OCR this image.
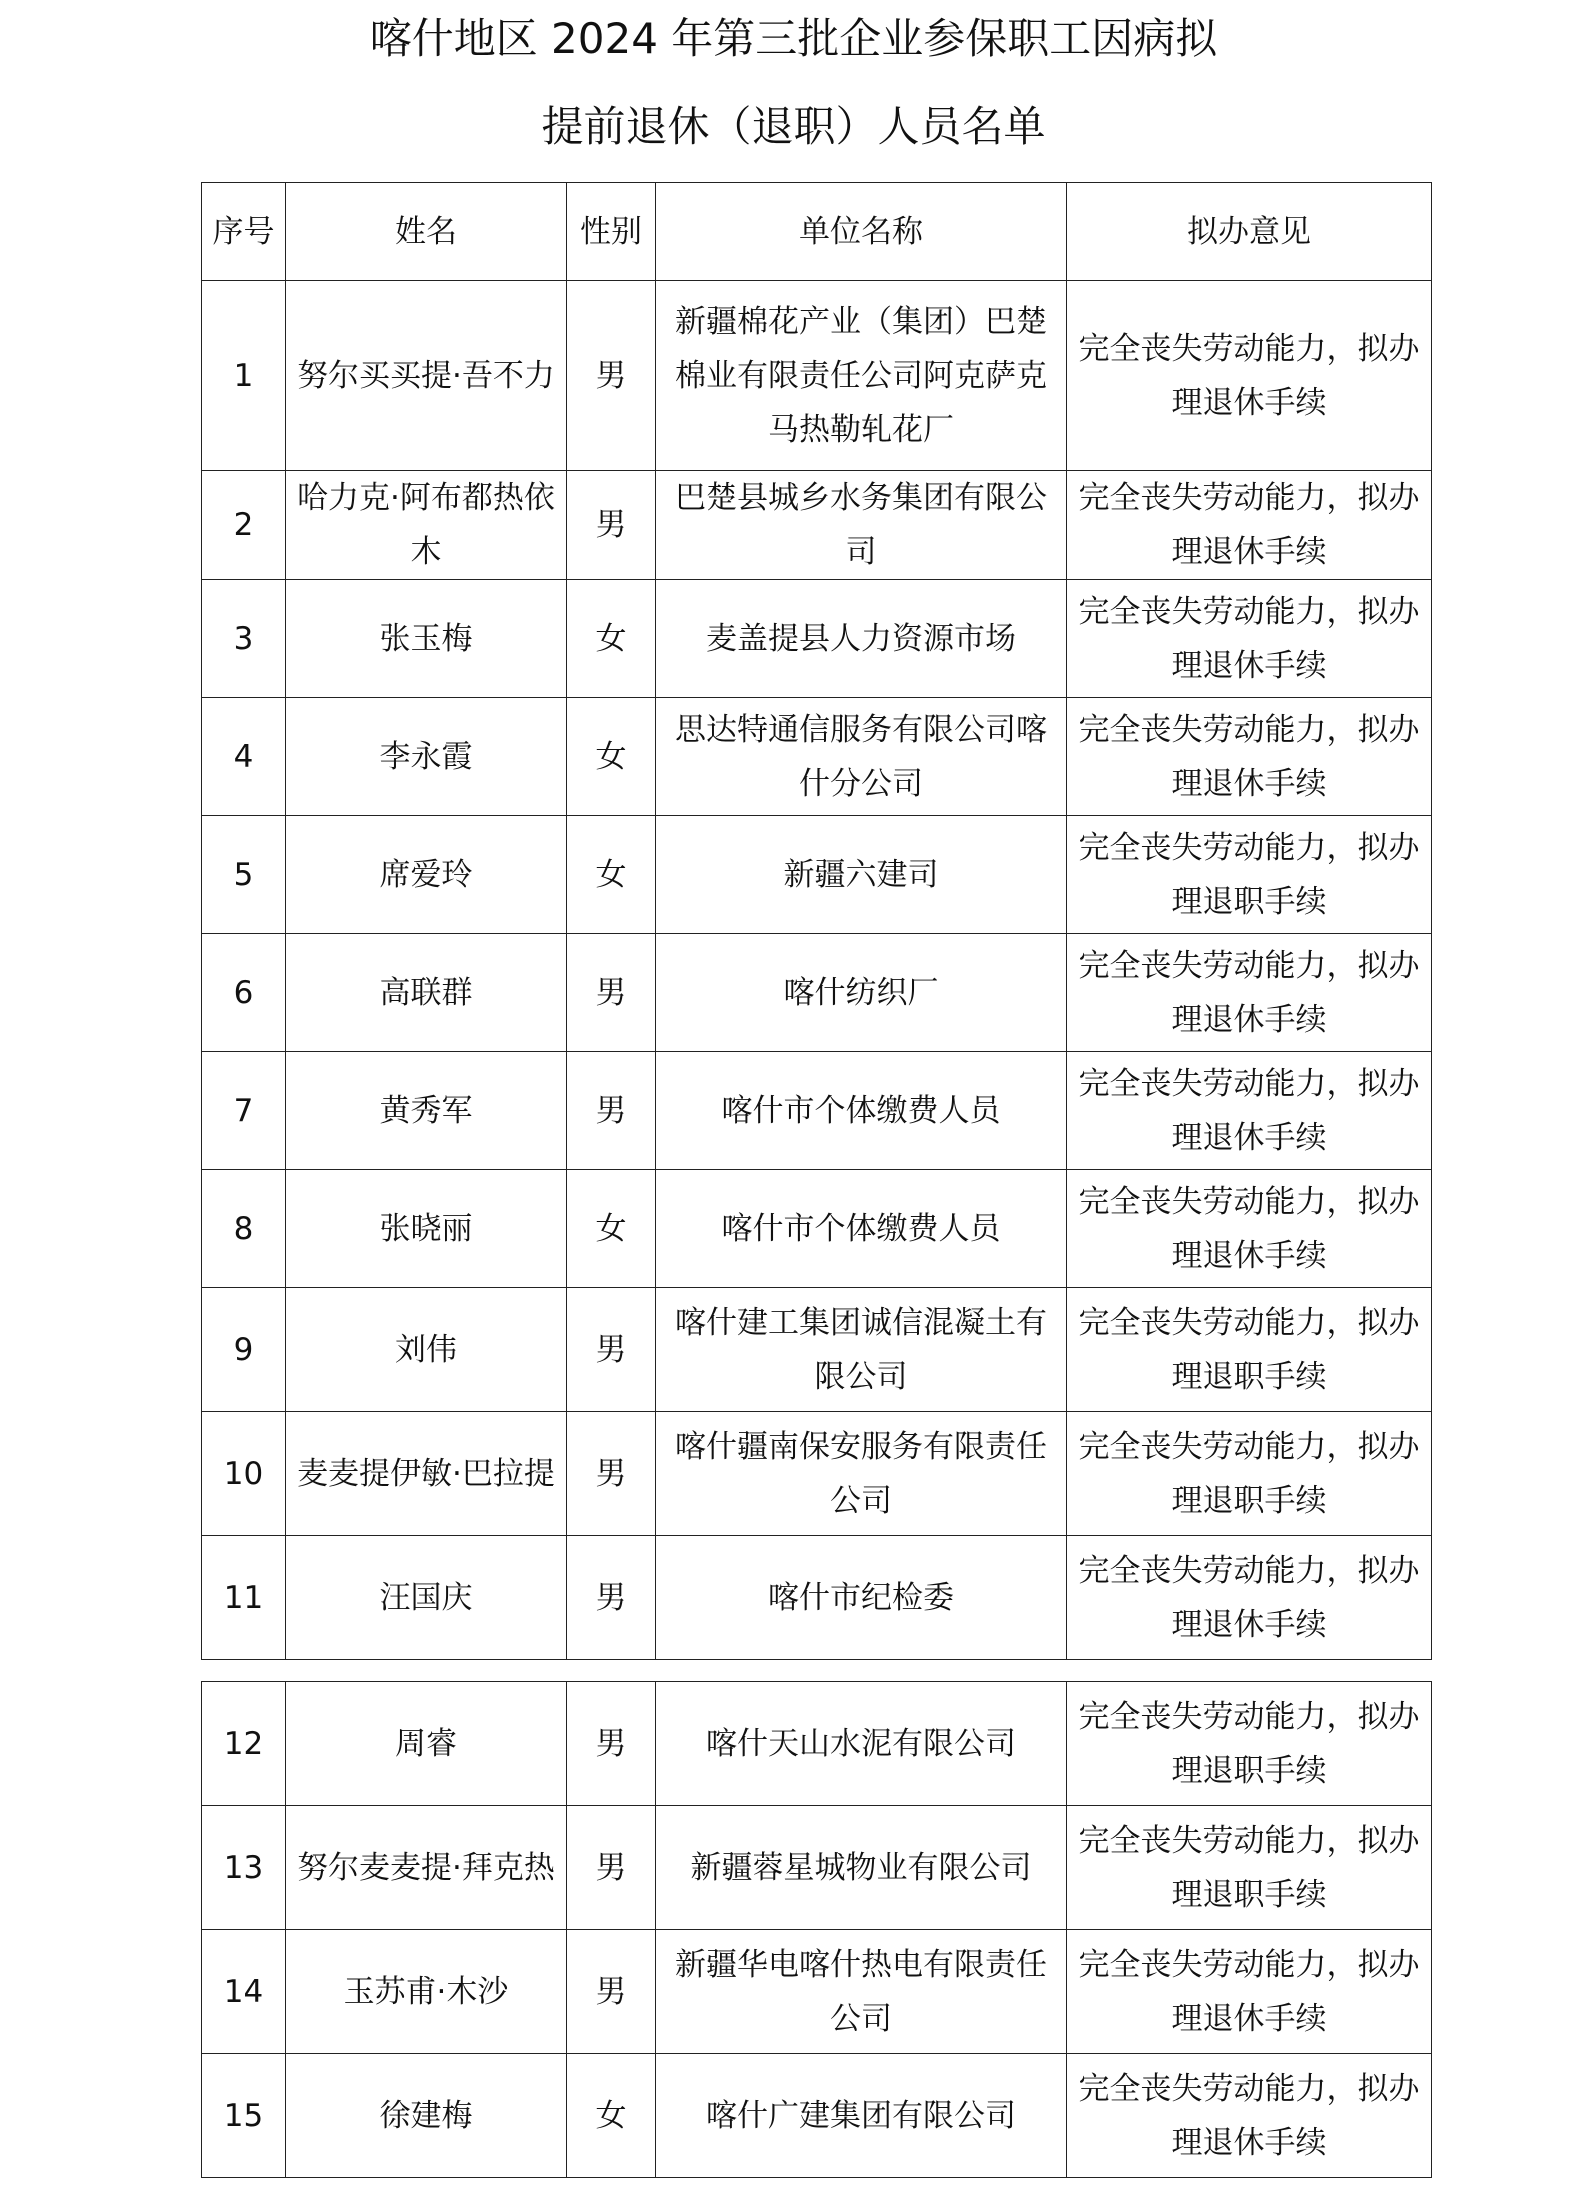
喀什地区 2024 年第三批企业参保职工因病拟
提前退休（退职）人员名单
序号	姓名	性别	单位名称	拟办意见
1	努尔买买提·吾不力	男	新疆棉花产业（集团）巴楚棉业有限责任公司阿克萨克马热勒轧花厂	完全丧失劳动能力，拟办理退休手续
2	哈力克·阿布都热依木	男	巴楚县城乡水务集团有限公司	完全丧失劳动能力，拟办理退休手续
3	张玉梅	女	麦盖提县人力资源市场	完全丧失劳动能力，拟办理退休手续
4	李永霞	女	思达特通信服务有限公司喀什分公司	完全丧失劳动能力，拟办理退休手续
5	席爱玲	女	新疆六建司	完全丧失劳动能力，拟办理退职手续
6	高联群	男	喀什纺织厂	完全丧失劳动能力，拟办理退休手续
7	黄秀军	男	喀什市个体缴费人员	完全丧失劳动能力，拟办理退休手续
8	张晓丽	女	喀什市个体缴费人员	完全丧失劳动能力，拟办理退休手续
9	刘伟	男	喀什建工集团诚信混凝土有限公司	完全丧失劳动能力，拟办理退职手续
10	麦麦提伊敏·巴拉提	男	喀什疆南保安服务有限责任公司	完全丧失劳动能力，拟办理退职手续
11	汪国庆	男	喀什市纪检委	完全丧失劳动能力，拟办理退休手续
12	周睿	男	喀什天山水泥有限公司	完全丧失劳动能力，拟办理退职手续
13	努尔麦麦提·拜克热	男	新疆蓉星城物业有限公司	完全丧失劳动能力，拟办理退职手续
14	玉苏甫·木沙	男	新疆华电喀什热电有限责任公司	完全丧失劳动能力，拟办理退休手续
15	徐建梅	女	喀什广建集团有限公司	完全丧失劳动能力，拟办理退休手续
